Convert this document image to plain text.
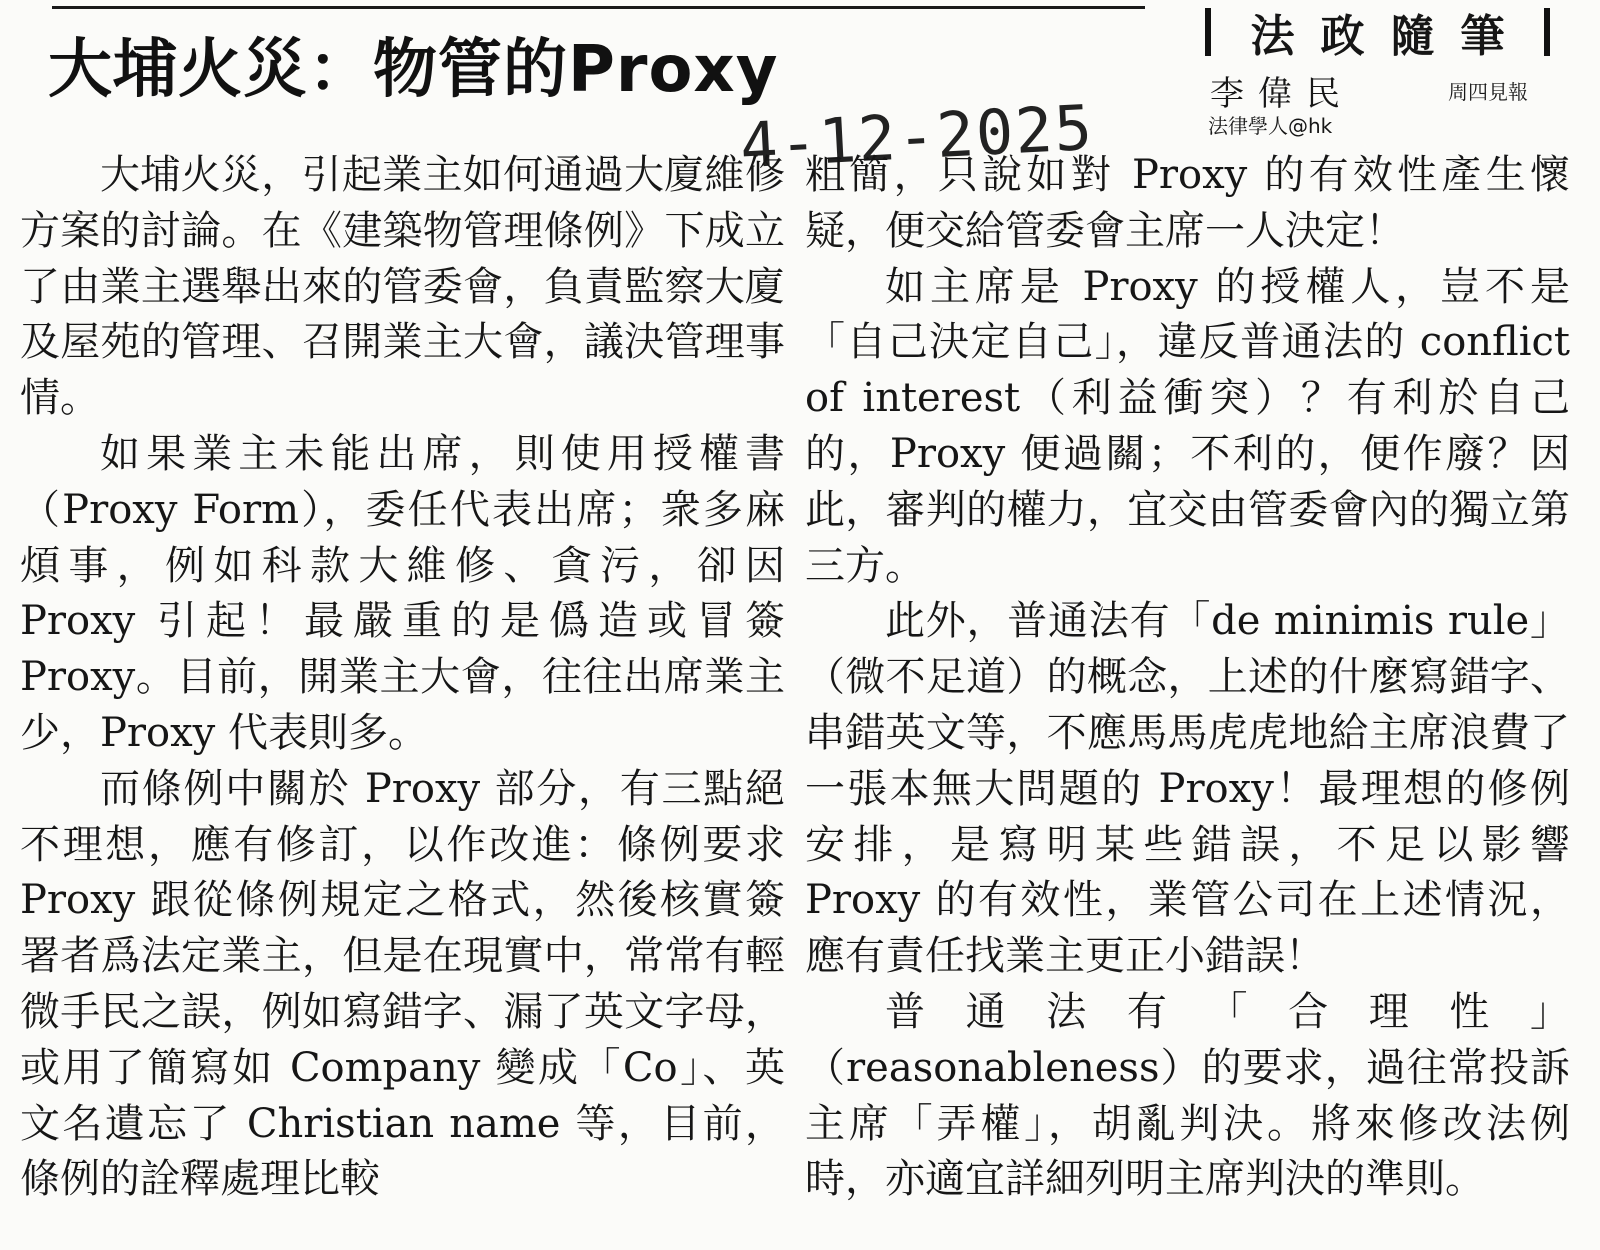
大埔火災：物管的Proxy	法政隨筆
李偉民	周四見報
法律學人@hk
4-12-2025

大埔火災，引起業主如何通過大廈維修方案的討論。在《建築物管理條例》下成立了由業主選舉出來的管委會，負責監察大廈及屋苑的管理、召開業主大會，議決管理事情。

如果業主未能出席，則使用授權書（Proxy Form），委任代表出席；衆多麻煩事，例如科款大維修、貪污，卻因 Proxy 引起！最嚴重的是僞造或冒簽 Proxy。目前，開業主大會，往往出席業主少，Proxy 代表則多。

而條例中關於 Proxy 部分，有三點絕不理想，應有修訂，以作改進：條例要求 Proxy 跟從條例規定之格式，然後核實簽署者爲法定業主，但是在現實中，常常有輕微手民之誤，例如寫錯字、漏了英文字母，或用了簡寫如 Company 變成「Co」、英文名遺忘了 Christian name 等，目前，條例的詮釋處理比較

粗簡，只說如對 Proxy 的有效性產生懷疑，便交給管委會主席一人決定！

如主席是 Proxy 的授權人，豈不是「自己決定自己」，違反普通法的 conflict of interest（利益衝突）？有利於自己的，Proxy 便過關；不利的，便作廢？因此，審判的權力，宜交由管委會內的獨立第三方。

此外，普通法有「de minimis rule」（微不足道）的概念，上述的什麼寫錯字、串錯英文等，不應馬馬虎虎地給主席浪費了一張本無大問題的 Proxy！最理想的修例安排，是寫明某些錯誤，不足以影響 Proxy 的有效性，業管公司在上述情況，應有責任找業主更正小錯誤！

普通法有「合理性」（reasonableness）的要求，過往常投訴主席「弄權」，胡亂判決。將來修改法例時，亦適宜詳細列明主席判決的準則。
